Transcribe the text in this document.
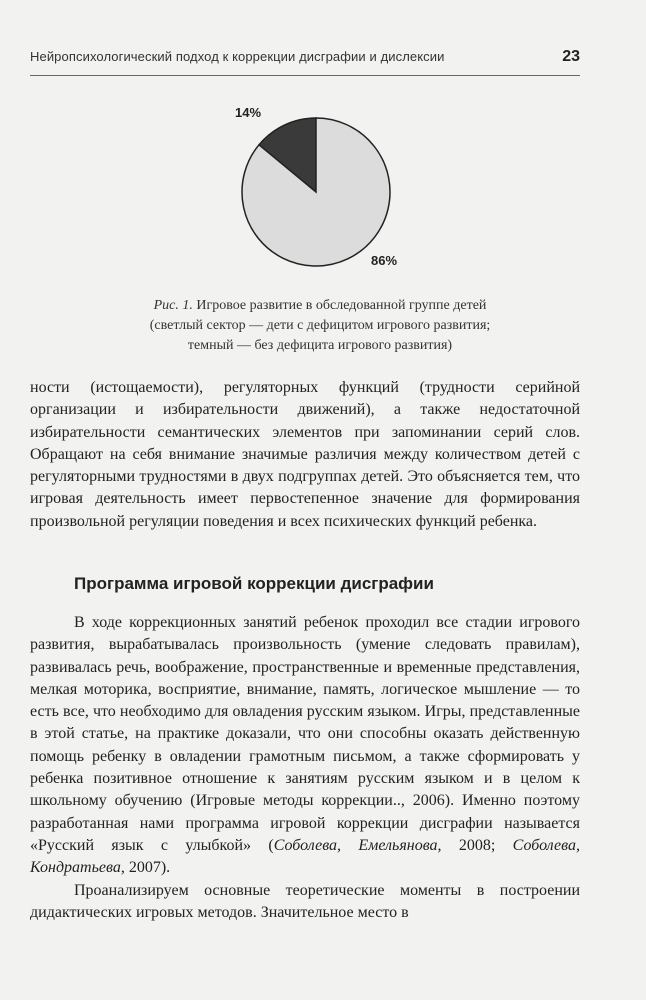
Нейропсихологический подход к коррекции дисграфии и дислексии	23
14%
86%
Рис. 1. Игровое развитие в обследованной группе детей
(светлый сектор — дети с дефицитом игрового развития;
темный — без дефицита игрового развития)

ности (истощаемости), регуляторных функций (трудности серийной организации и избирательности движений), а также недостаточной избирательности семантических элементов при запоминании серий слов. Обращают на себя внимание значимые различия между количеством детей с регуляторными трудностями в двух подгруппах детей. Это объясняется тем, что игровая деятельность имеет первостепенное значение для формирования произвольной регуляции поведения и всех психических функций ребенка.

Программа игровой коррекции дисграфии

В ходе коррекционных занятий ребенок проходил все стадии игрового развития, вырабатывалась произвольность (умение следовать правилам), развивалась речь, воображение, пространственные и временные представления, мелкая моторика, восприятие, внимание, память, логическое мышление — то есть все, что необходимо для овладения русским языком. Игры, представленные в этой статье, на практике доказали, что они способны оказать действенную помощь ребенку в овладении грамотным письмом, а также сформировать у ребенка позитивное отношение к занятиям русским языком и в целом к школьному обучению (Игровые методы коррекции.., 2006). Именно поэтому разработанная нами программа игровой коррекции дисграфии называется «Русский язык с улыбкой» (Соболева, Емельянова, 2008; Соболева, Кондратьева, 2007).

Проанализируем основные теоретические моменты в построении дидактических игровых методов. Значительное место в
